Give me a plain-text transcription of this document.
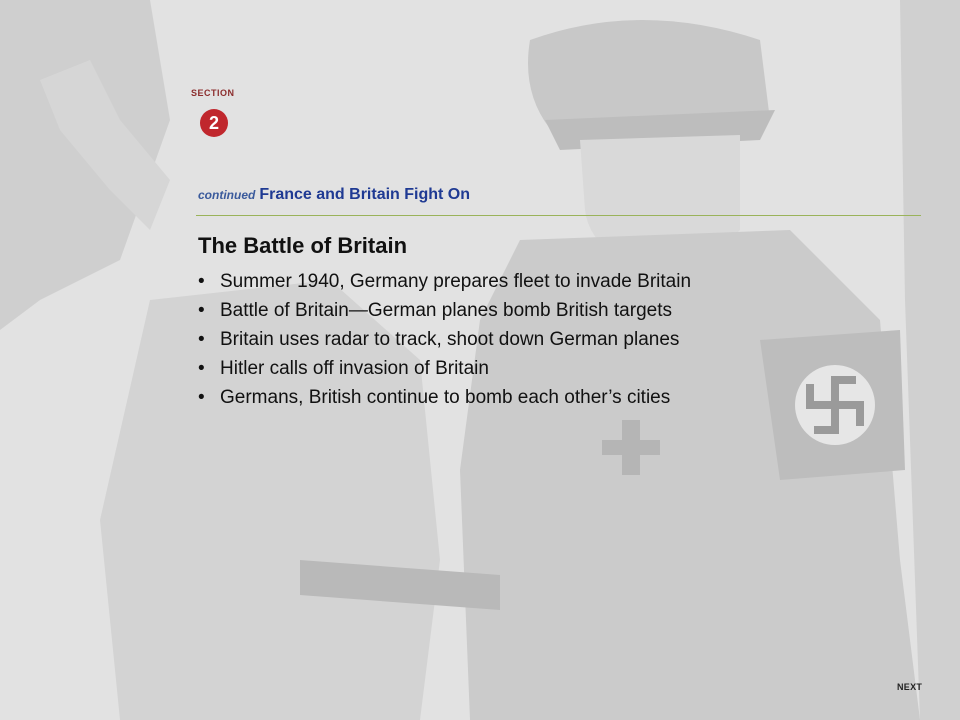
SECTION
2
continued France and Britain Fight On
The Battle of Britain
• Summer 1940, Germany prepares fleet to invade Britain
• Battle of Britain—German planes bomb British targets
• Britain uses radar to track, shoot down German planes
• Hitler calls off invasion of Britain
• Germans, British continue to bomb each other’s cities
NEXT
